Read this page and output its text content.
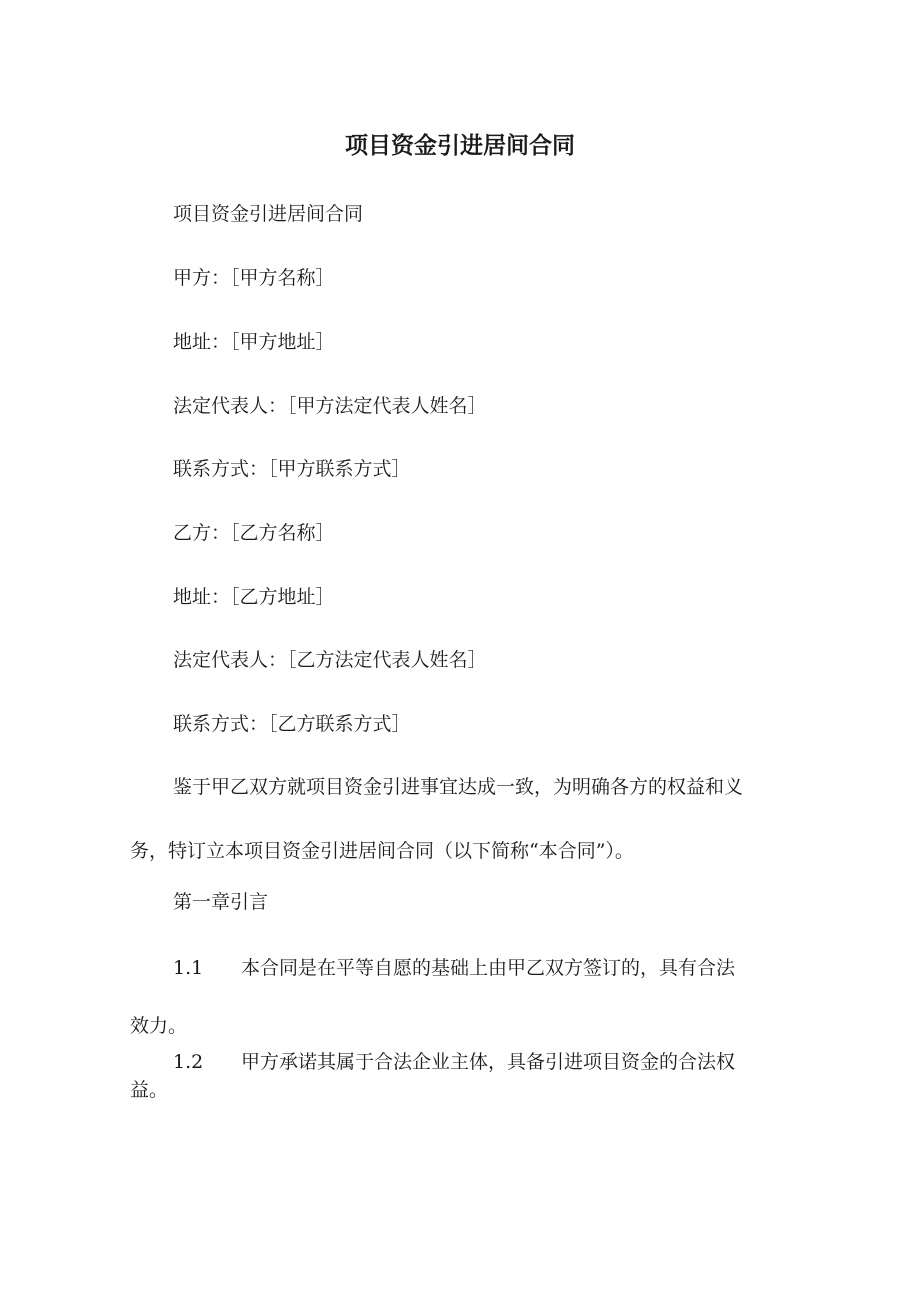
项目资金引进居间合同

项目资金引进居间合同

甲方：［甲方名称］

地址：［甲方地址］

法定代表人：［甲方法定代表人姓名］

联系方式：［甲方联系方式］

乙方：［乙方名称］

地址：［乙方地址］

法定代表人：［乙方法定代表人姓名］

联系方式：［乙方联系方式］

鉴于甲乙双方就项目资金引进事宜达成一致，为明确各方的权益和义
务，特订立本项目资金引进居间合同（以下简称“本合同”）。

第一章引言

1.1 本合同是在平等自愿的基础上由甲乙双方签订的，具有合法
效力。
1.2 甲方承诺其属于合法企业主体，具备引进项目资金的合法权
益。
